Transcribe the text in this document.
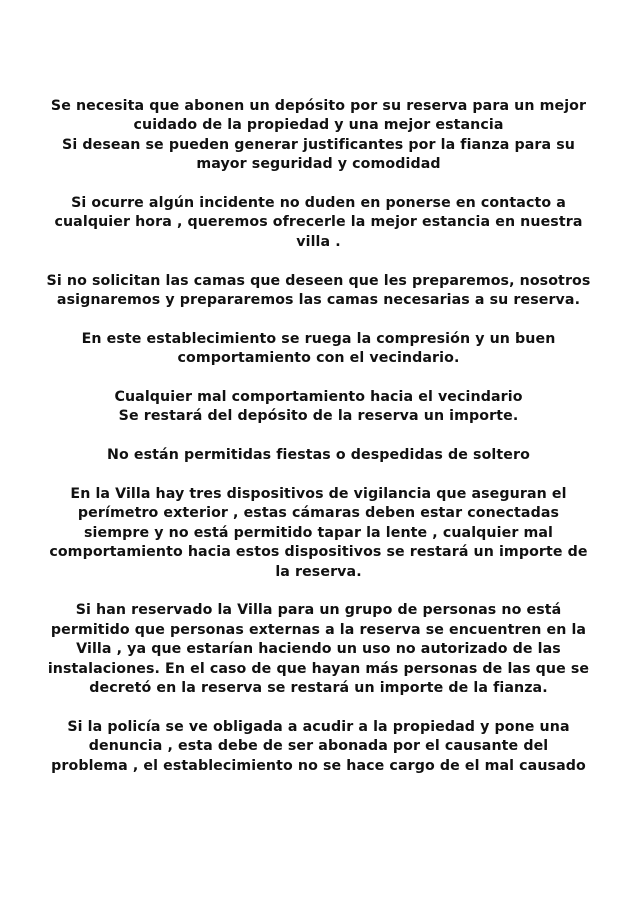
Se necesita que abonen un depósito por su reserva para un mejor
cuidado de la propiedad y una mejor estancia
Si desean se pueden generar justificantes por la fianza para su
mayor seguridad y comodidad

Si ocurre algún incidente no duden en ponerse en contacto a
cualquier hora , queremos ofrecerle la mejor estancia en nuestra
villa .

Si no solicitan las camas que deseen que les preparemos, nosotros
asignaremos y prepararemos las camas necesarias a su reserva.

En este establecimiento se ruega la compresión y un buen
comportamiento con el vecindario.

Cualquier mal comportamiento hacia el vecindario
Se restará del depósito de la reserva un importe.

No están permitidas fiestas o despedidas de soltero

En la Villa hay tres dispositivos de vigilancia que aseguran el
perímetro exterior , estas cámaras deben estar conectadas
siempre y no está permitido tapar la lente , cualquier mal
comportamiento hacia estos dispositivos se restará un importe de
la reserva.

Si han reservado la Villa para un grupo de personas no está
permitido que personas externas a la reserva se encuentren en la
Villa , ya que estarían haciendo un uso no autorizado de las
instalaciones. En el caso de que hayan más personas de las que se
decretó en la reserva se restará un importe de la fianza.

Si la policía se ve obligada a acudir a la propiedad y pone una
denuncia , esta debe de ser abonada por el causante del
problema , el establecimiento no se hace cargo de el mal causado
